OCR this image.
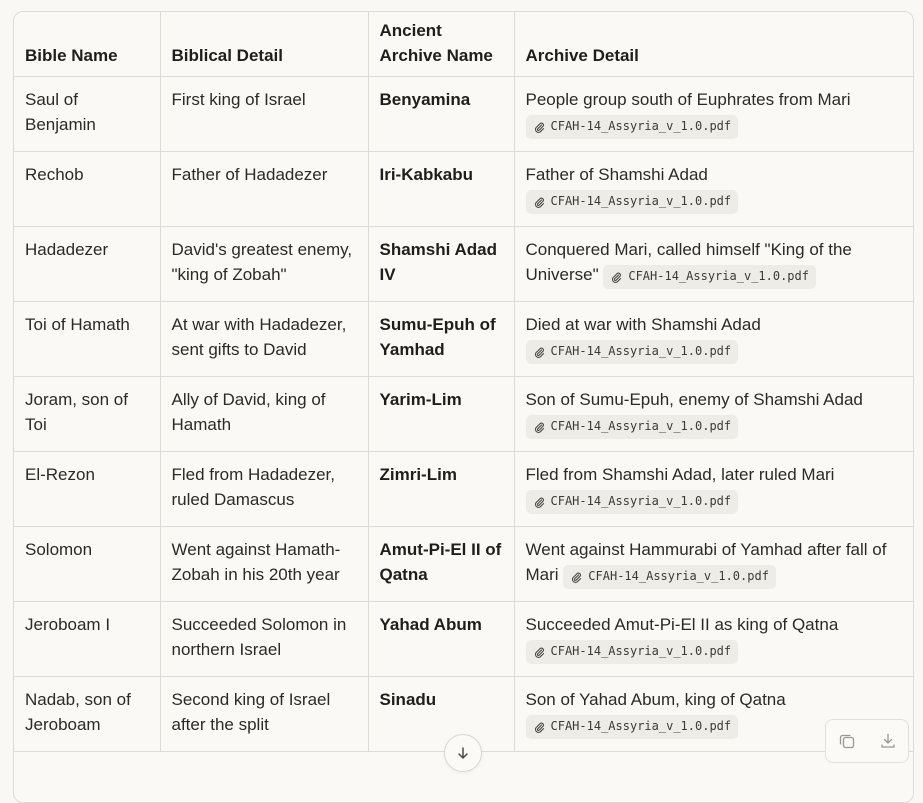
Bible Name	Biblical Detail	Ancient Archive Name	Archive Detail
Saul of Benjamin	First king of Israel	Benyamina	People group south of Euphrates from Mari
CFAH-14_Assyria_v_1.0.pdf

Rechob	Father of Hadadezer	Iri-Kabkabu	Father of Shamshi Adad
CFAH-14_Assyria_v_1.0.pdf

Hadadezer	David's greatest enemy, "king of Zobah"	Shamshi Adad IV	Conquered Mari, called himself "King of the Universe" CFAH-14_Assyria_v_1.0.pdf

Toi of Hamath	At war with Hadadezer, sent gifts to David	Sumu-Epuh of Yamhad	Died at war with Shamshi Adad
CFAH-14_Assyria_v_1.0.pdf

Joram, son of Toi	Ally of David, king of Hamath	Yarim-Lim	Son of Sumu-Epuh, enemy of Shamshi Adad
CFAH-14_Assyria_v_1.0.pdf

El-Rezon	Fled from Hadadezer, ruled Damascus	Zimri-Lim	Fled from Shamshi Adad, later ruled Mari
CFAH-14_Assyria_v_1.0.pdf

Solomon	Went against Hamath-Zobah in his 20th year	Amut-Pi-El II of Qatna	Went against Hammurabi of Yamhad after fall of Mari CFAH-14_Assyria_v_1.0.pdf

Jeroboam I	Succeeded Solomon in northern Israel	Yahad Abum	Succeeded Amut-Pi-El II as king of Qatna
CFAH-14_Assyria_v_1.0.pdf

Nadab, son of Jeroboam	Second king of Israel after the split	Sinadu	Son of Yahad Abum, king of Qatna
CFAH-14_Assyria_v_1.0.pdf
